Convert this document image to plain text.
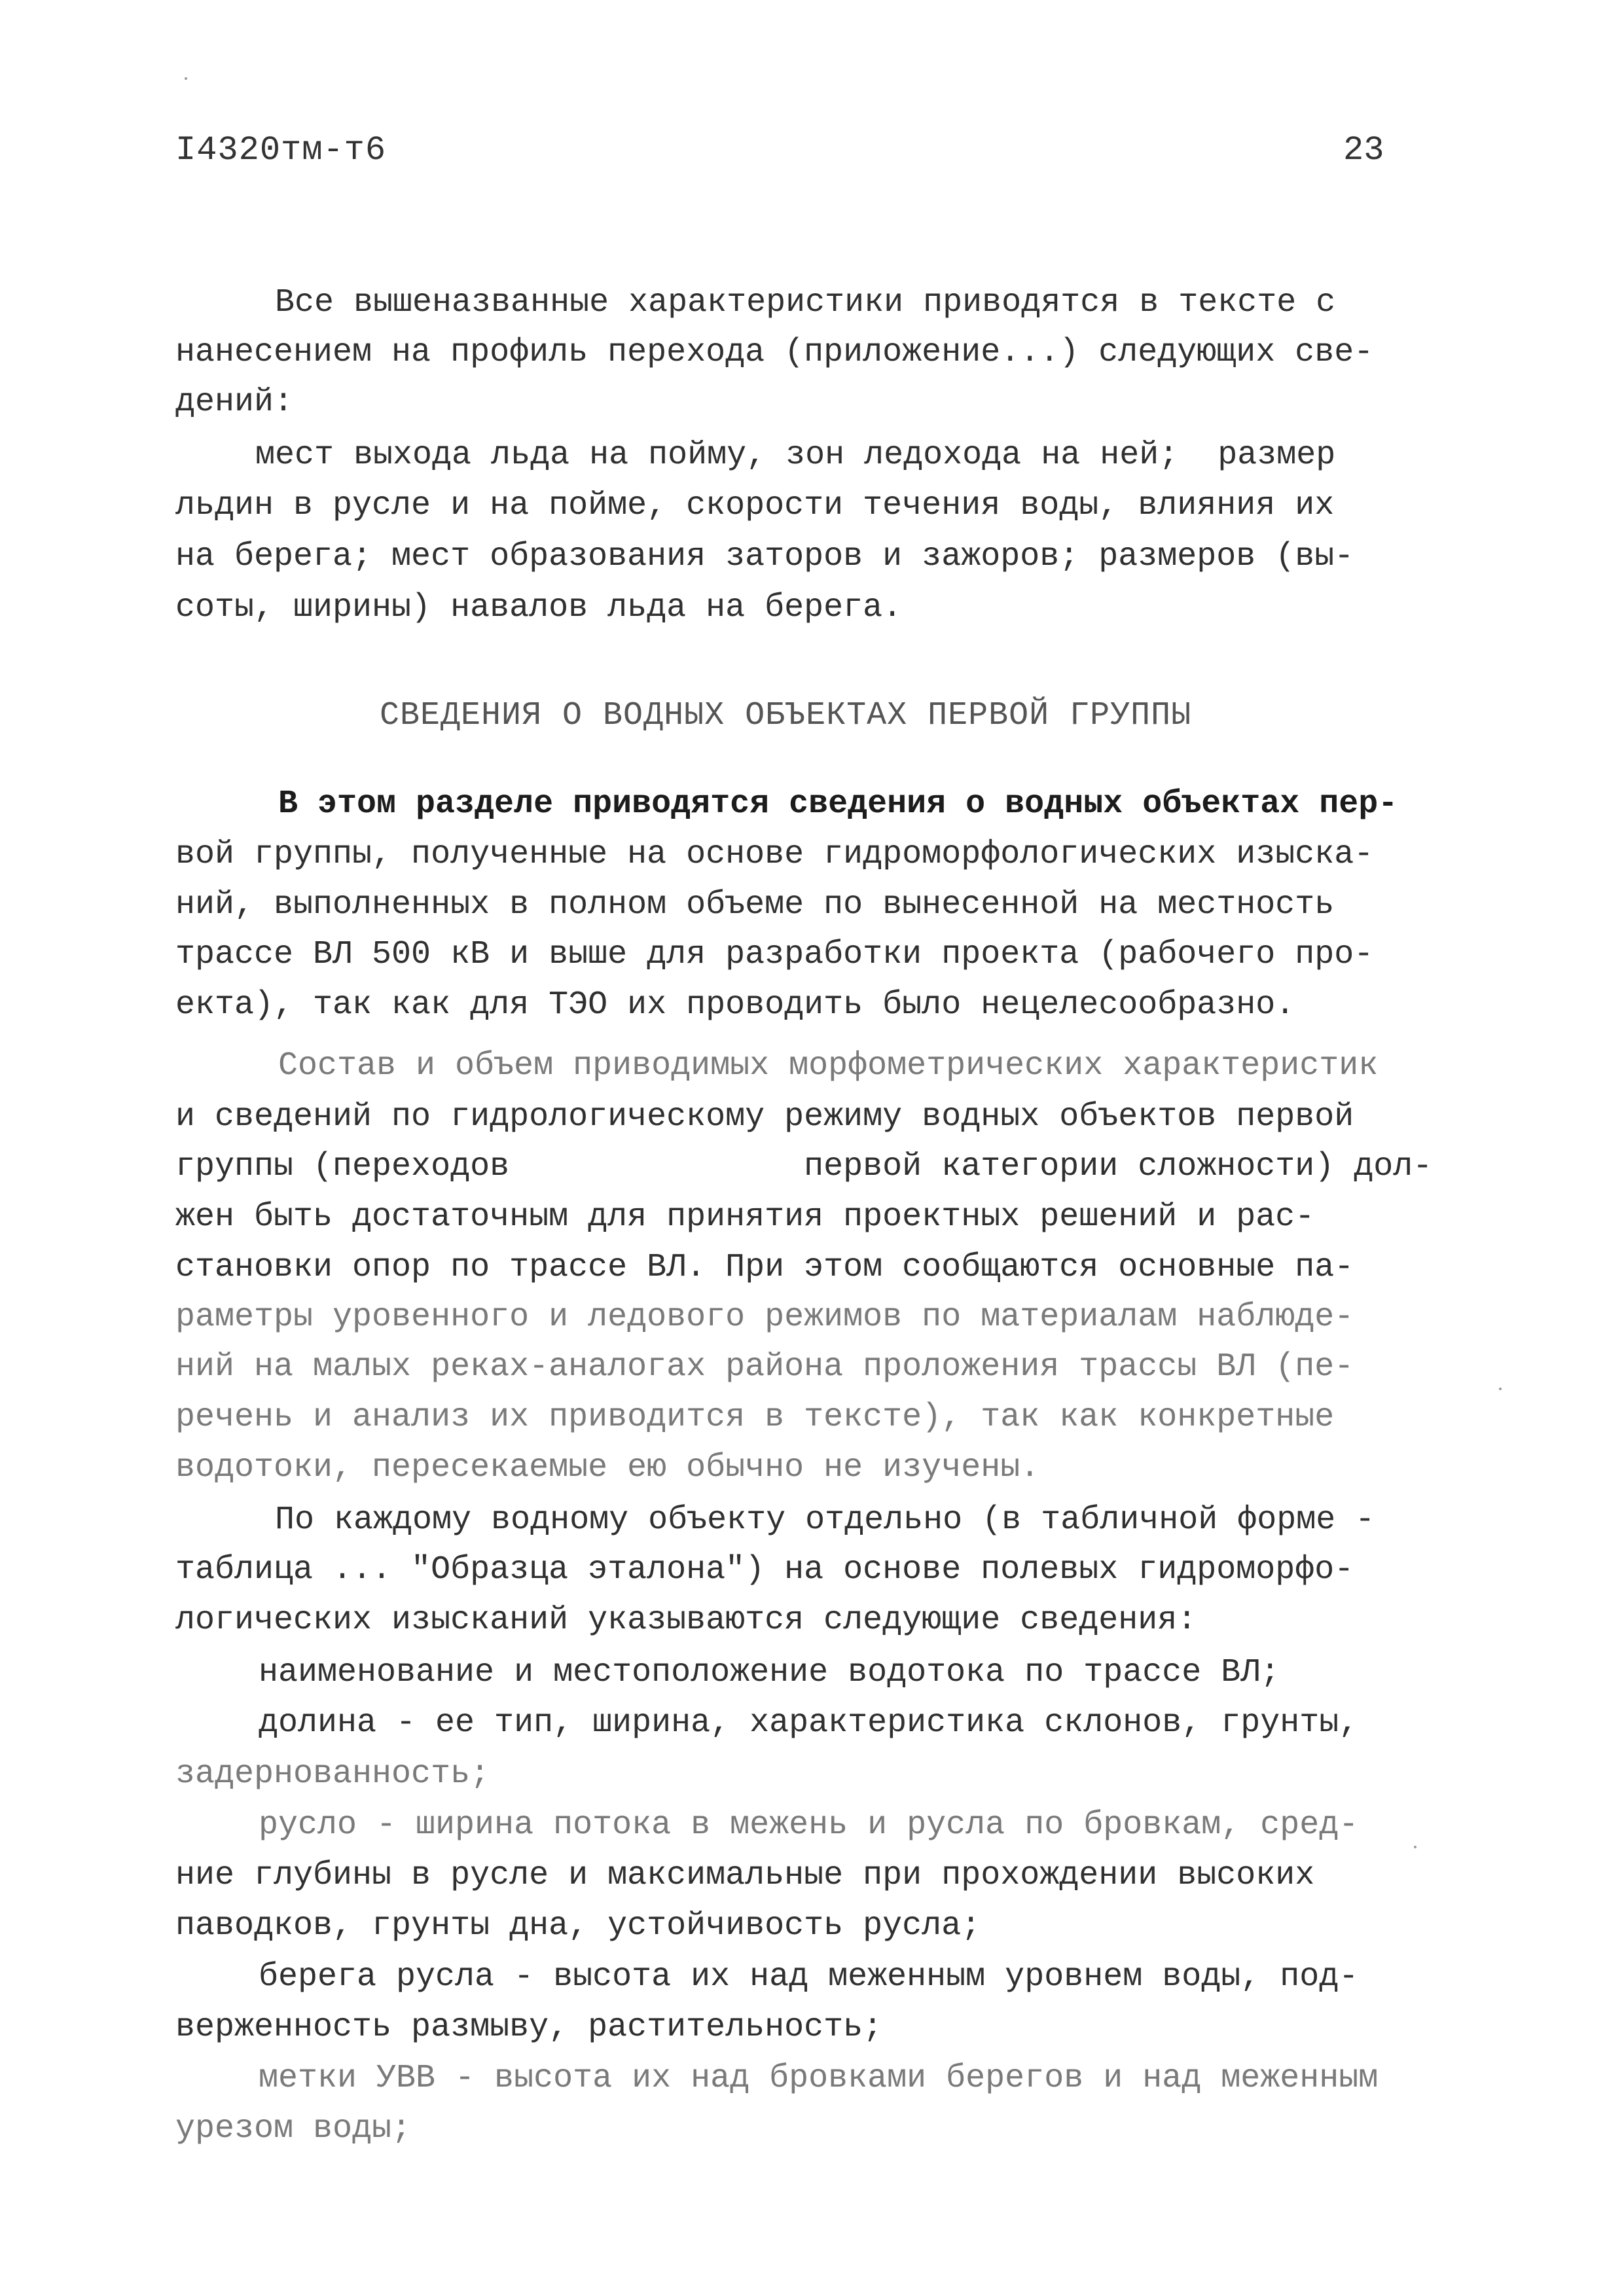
I4320тм-т6	23
Все вышеназванные характеристики приводятся в тексте с
нанесением на профиль перехода (приложение...) следующих све-
дений:
мест выхода льда на пойму, зон ледохода на ней;  размер
льдин в русле и на пойме, скорости течения воды, влияния их
на берега; мест образования заторов и зажоров; размеров (вы-
соты, ширины) навалов льда на берега.
СВЕДЕНИЯ О ВОДНЫХ ОБЪЕКТАХ ПЕРВОЙ ГРУППЫ
В этом разделе приводятся сведения о водных объектах пер-
вой группы, полученные на основе гидроморфологических изыска-
ний, выполненных в полном объеме по вынесенной на местность
трассе ВЛ 500 кВ и выше для разработки проекта (рабочего про-
екта), так как для ТЭО их проводить было нецелесообразно.
Состав и объем приводимых морфометрических характеристик
и сведений по гидрологическому режиму водных объектов первой
группы (переходов               первой категории сложности) дол-
жен быть достаточным для принятия проектных решений и рас-
становки опор по трассе ВЛ. При этом сообщаются основные па-
раметры уровенного и ледового режимов по материалам наблюде-
ний на малых реках-аналогах района проложения трассы ВЛ (пе-
речень и анализ их приводится в тексте), так как конкретные
водотоки, пересекаемые ею обычно не изучены.
По каждому водному объекту отдельно (в табличной форме -
таблица ... "Образца эталона") на основе полевых гидроморфо-
логических изысканий указываются следующие сведения:
наименование и местоположение водотока по трассе ВЛ;
долина - ее тип, ширина, характеристика склонов, грунты,
задернованность;
русло - ширина потока в межень и русла по бровкам, сред-
ние глубины в русле и максимальные при прохождении высоких
паводков, грунты дна, устойчивость русла;
берега русла - высота их над меженным уровнем воды, под-
верженность размыву, растительность;
метки УВВ - высота их над бровками берегов и над меженным
урезом воды;
